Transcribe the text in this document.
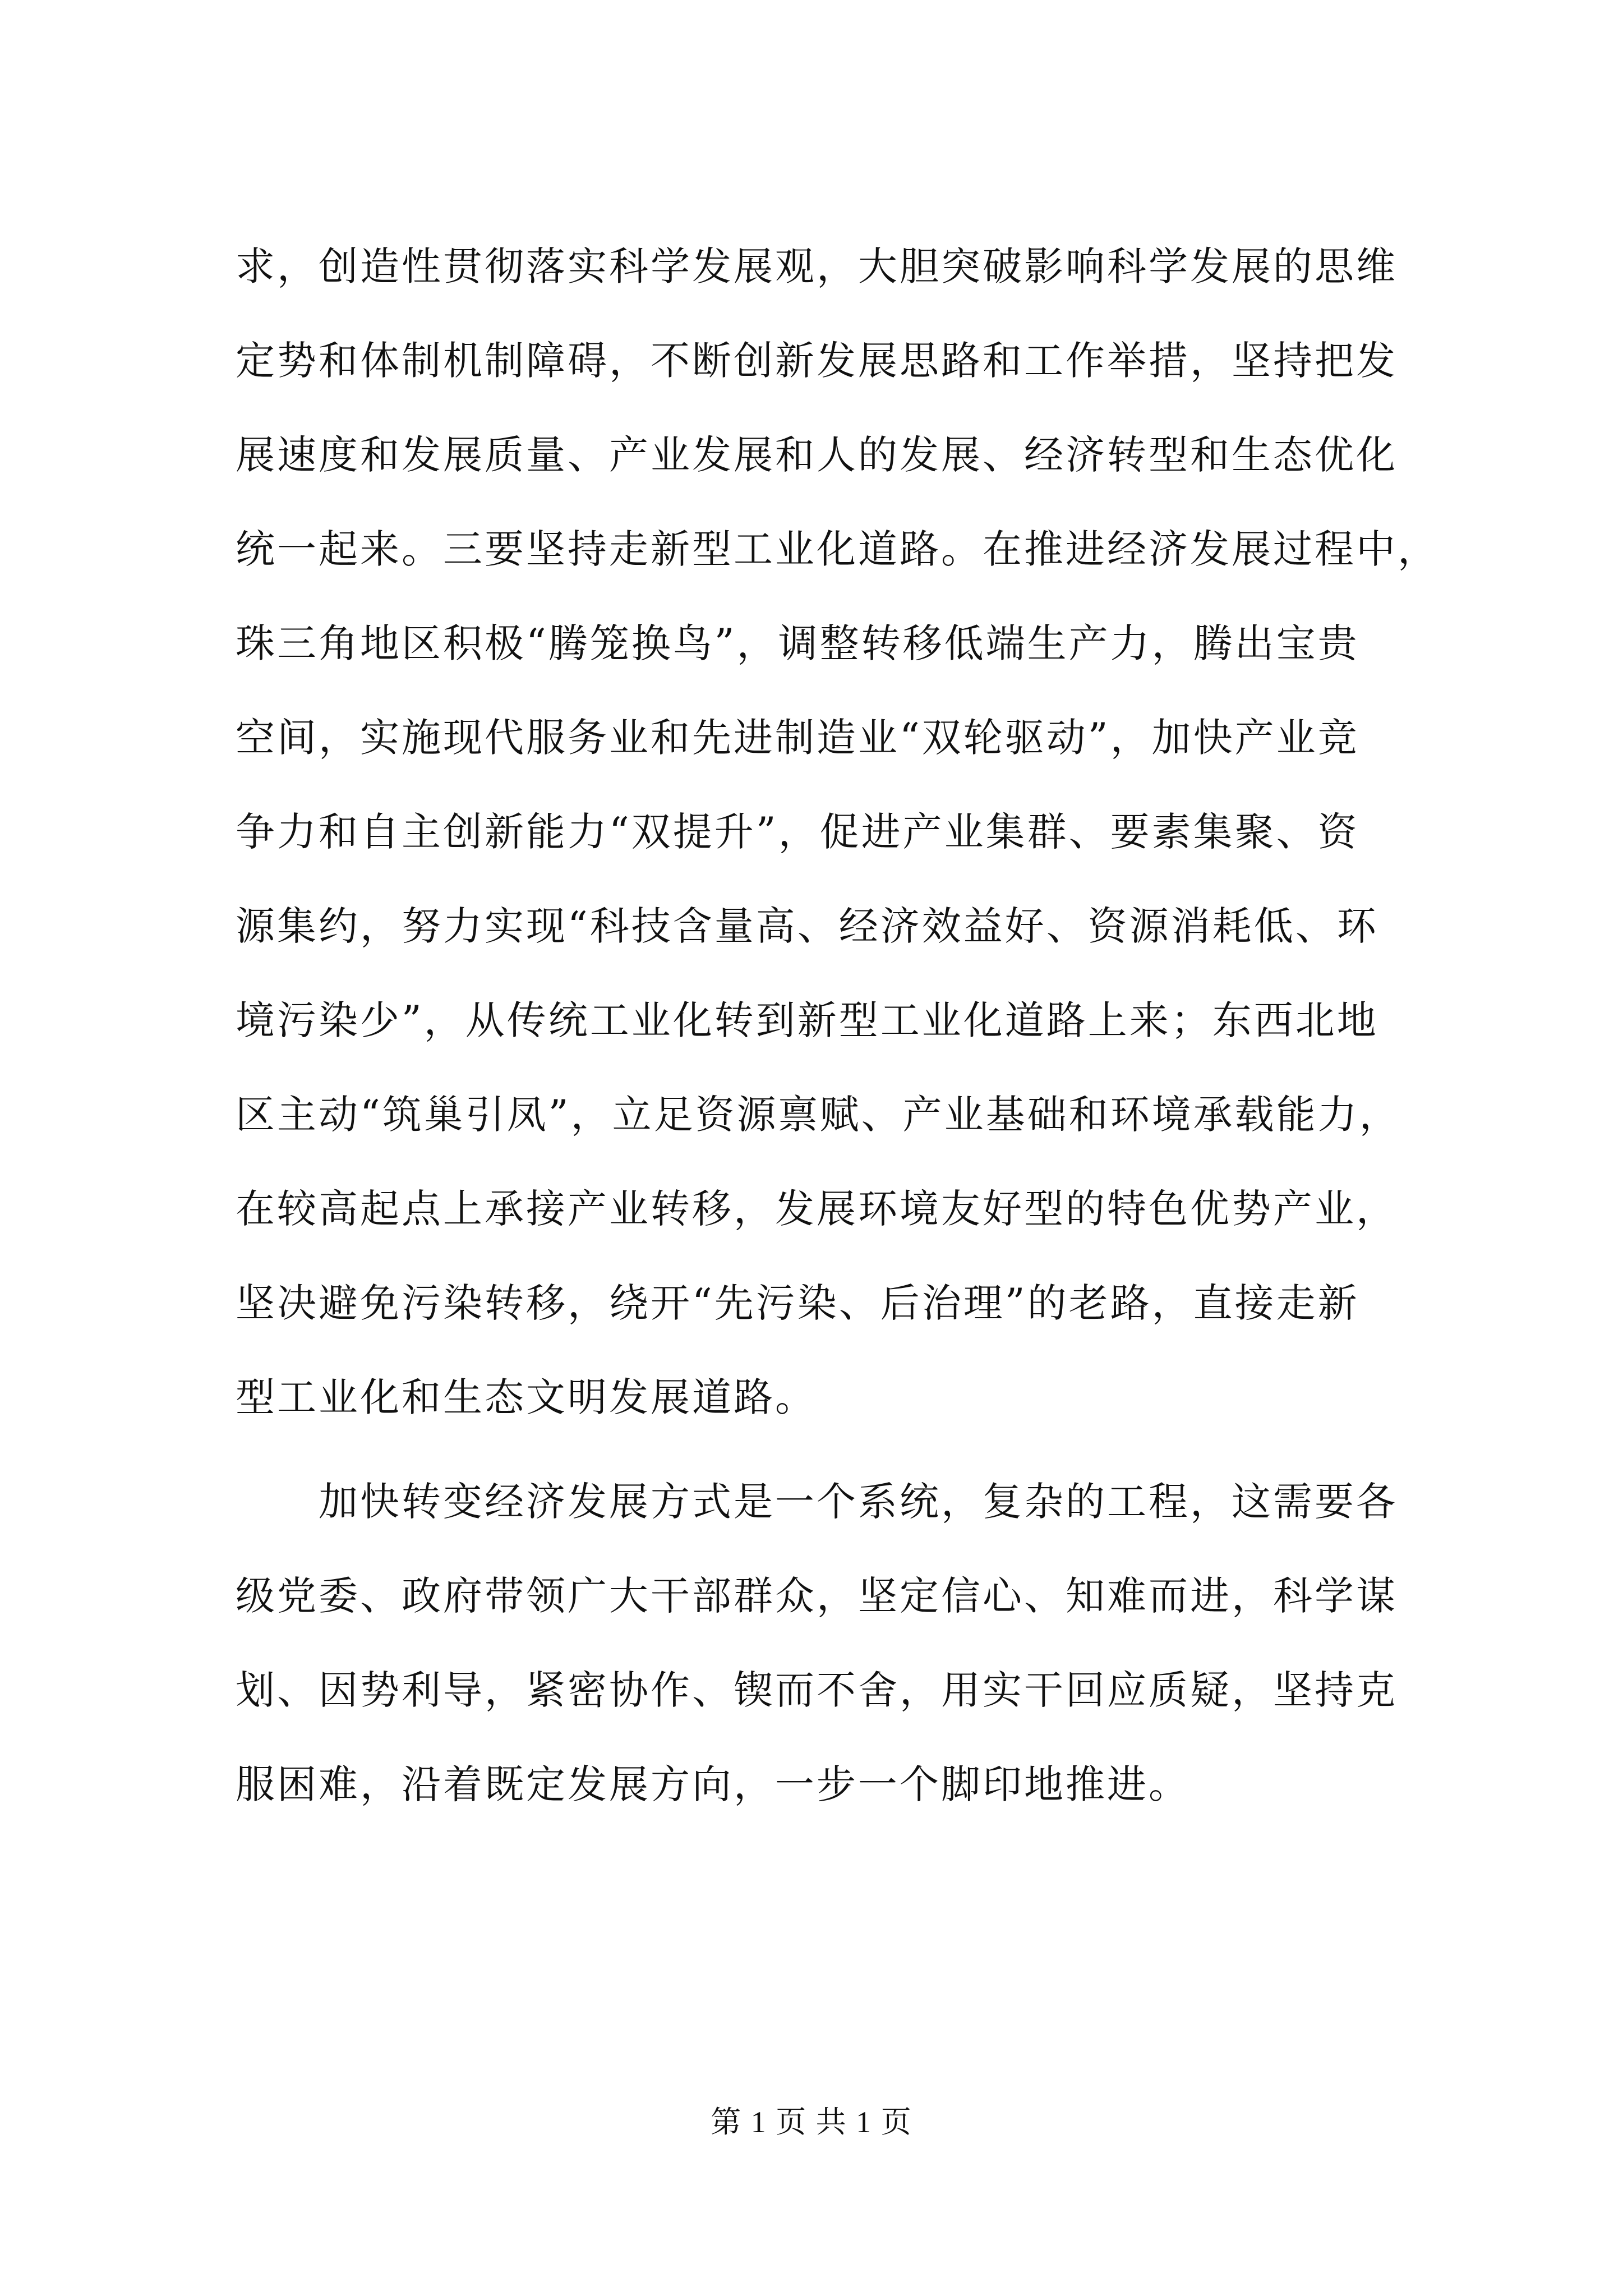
求，创造性贯彻落实科学发展观，大胆突破影响科学发展的思维
定势和体制机制障碍，不断创新发展思路和工作举措，坚持把发
展速度和发展质量、产业发展和人的发展、经济转型和生态优化
统一起来。三要坚持走新型工业化道路。在推进经济发展过程中，
珠三角地区积极“腾笼换鸟”，调整转移低端生产力，腾出宝贵
空间，实施现代服务业和先进制造业“双轮驱动”，加快产业竞
争力和自主创新能力“双提升”，促进产业集群、要素集聚、资
源集约，努力实现“科技含量高、经济效益好、资源消耗低、环
境污染少”，从传统工业化转到新型工业化道路上来；东西北地
区主动“筑巢引凤”，立足资源禀赋、产业基础和环境承载能力，
在较高起点上承接产业转移，发展环境友好型的特色优势产业，
坚决避免污染转移，绕开“先污染、后治理”的老路，直接走新
型工业化和生态文明发展道路。
加快转变经济发展方式是一个系统，复杂的工程，这需要各
级党委、政府带领广大干部群众，坚定信心、知难而进，科学谋
划、因势利导，紧密协作、锲而不舍，用实干回应质疑，坚持克
服困难，沿着既定发展方向，一步一个脚印地推进。
第 1 页 共 1 页
